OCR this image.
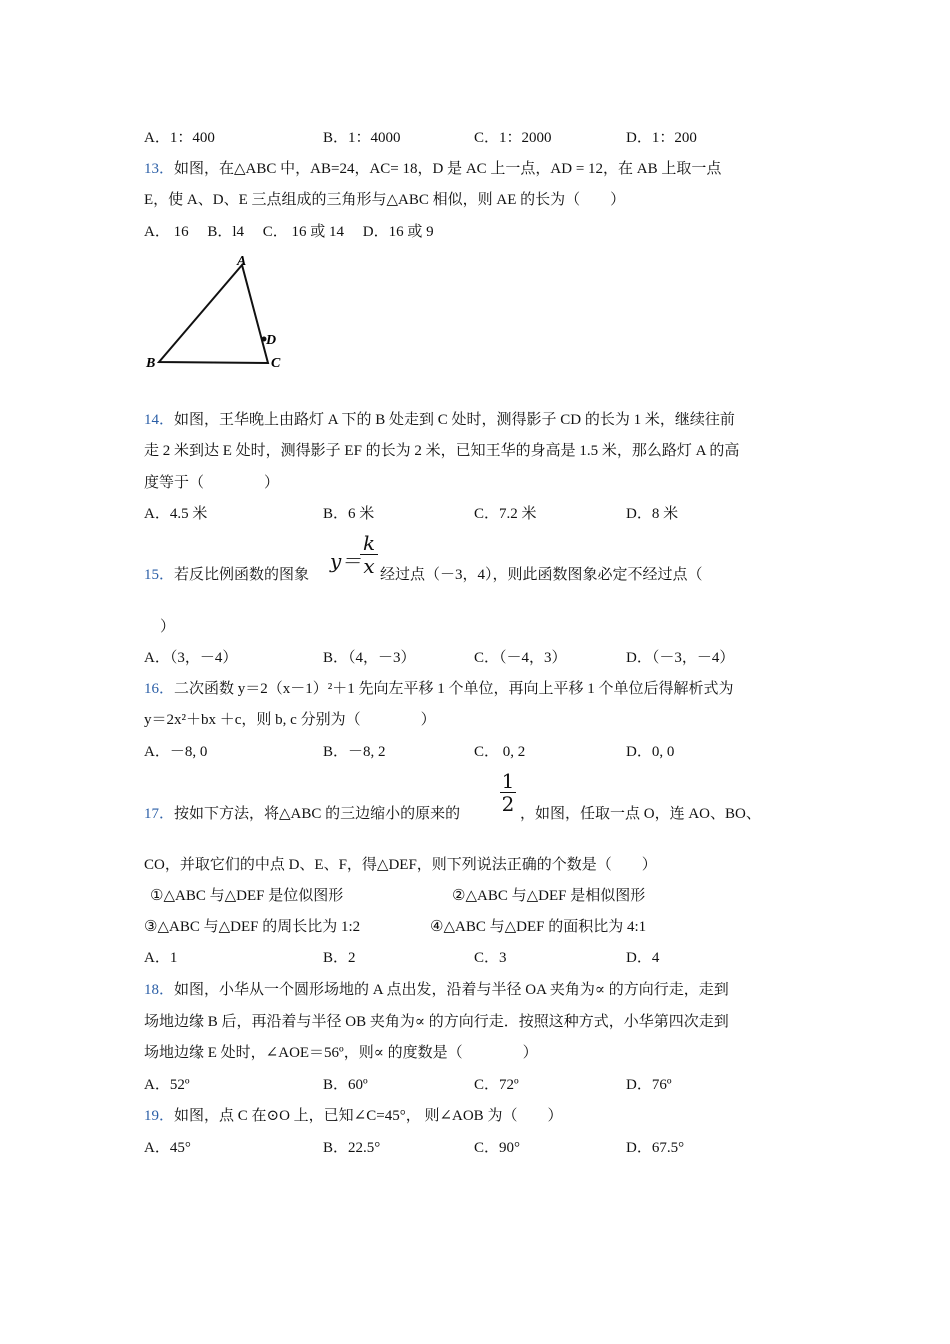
A．1：400	B．1：4000	C．1：2000	D．1：200
13．如图，在△ABC 中，AB=24，AC= 18，D 是 AC 上一点，AD = 12，在 AB 上取一点
E，使 A、D、E 三点组成的三角形与△ABC 相似，则 AE 的长为（　　）
A． 16　 B．l4　 C． 16 或 14　 D．16 或 9
A
B	C
D
14．如图，王华晚上由路灯 A 下的 B 处走到 C 处时，测得影子 CD 的长为 1 米，继续往前
走 2 米到达 E 处时，测得影子 EF 的长为 2 米，已知王华的身高是 1.5 米，那么路灯 A 的高
度等于（　　　　）
A．4.5 米	B．6 米	C．7.2 米	D．8 米
15．若反比例函数的图象
y＝
k
x 经过点（－3，4），则此函数图象必定不经过点（
）
A．（3，－4）	B．（4，－3）	C．（－4，3）	D．（－3，－4）
16．二次函数 y＝2（x－1）²＋1 先向左平移 1 个单位，再向上平移 1 个单位后得解析式为
y＝2x²＋bx ＋c，则 b, c 分别为（　　　　）
A．－8, 0	B．－8, 2	C． 0, 2	D．0, 0
1
2
17．按如下方法，将△ABC 的三边缩小的原来的	，如图，任取一点 O，连 AO、BO、
CO，并取它们的中点 D、E、F，得△DEF，则下列说法正确的个数是（　　）
①△ABC 与△DEF 是位似图形	②△ABC 与△DEF 是相似图形
③△ABC 与△DEF 的周长比为 1:2	④△ABC 与△DEF 的面积比为 4:1
A．1	B．2	C．3	D．4
18．如图，小华从一个圆形场地的 A 点出发，沿着与半径 OA 夹角为∝ 的方向行走，走到
场地边缘 B 后，再沿着与半径 OB 夹角为∝ 的方向行走．按照这种方式，小华第四次走到
场地边缘 E 处时，∠AOE＝56º，则∝ 的度数是（　　　　）
A．52º	B．60º	C．72º	D．76º
19．如图，点 C 在⊙O 上，已知∠C=45°， 则∠AOB 为（　　）
A．45°	B．22.5°	C．90°	D．67.5°
